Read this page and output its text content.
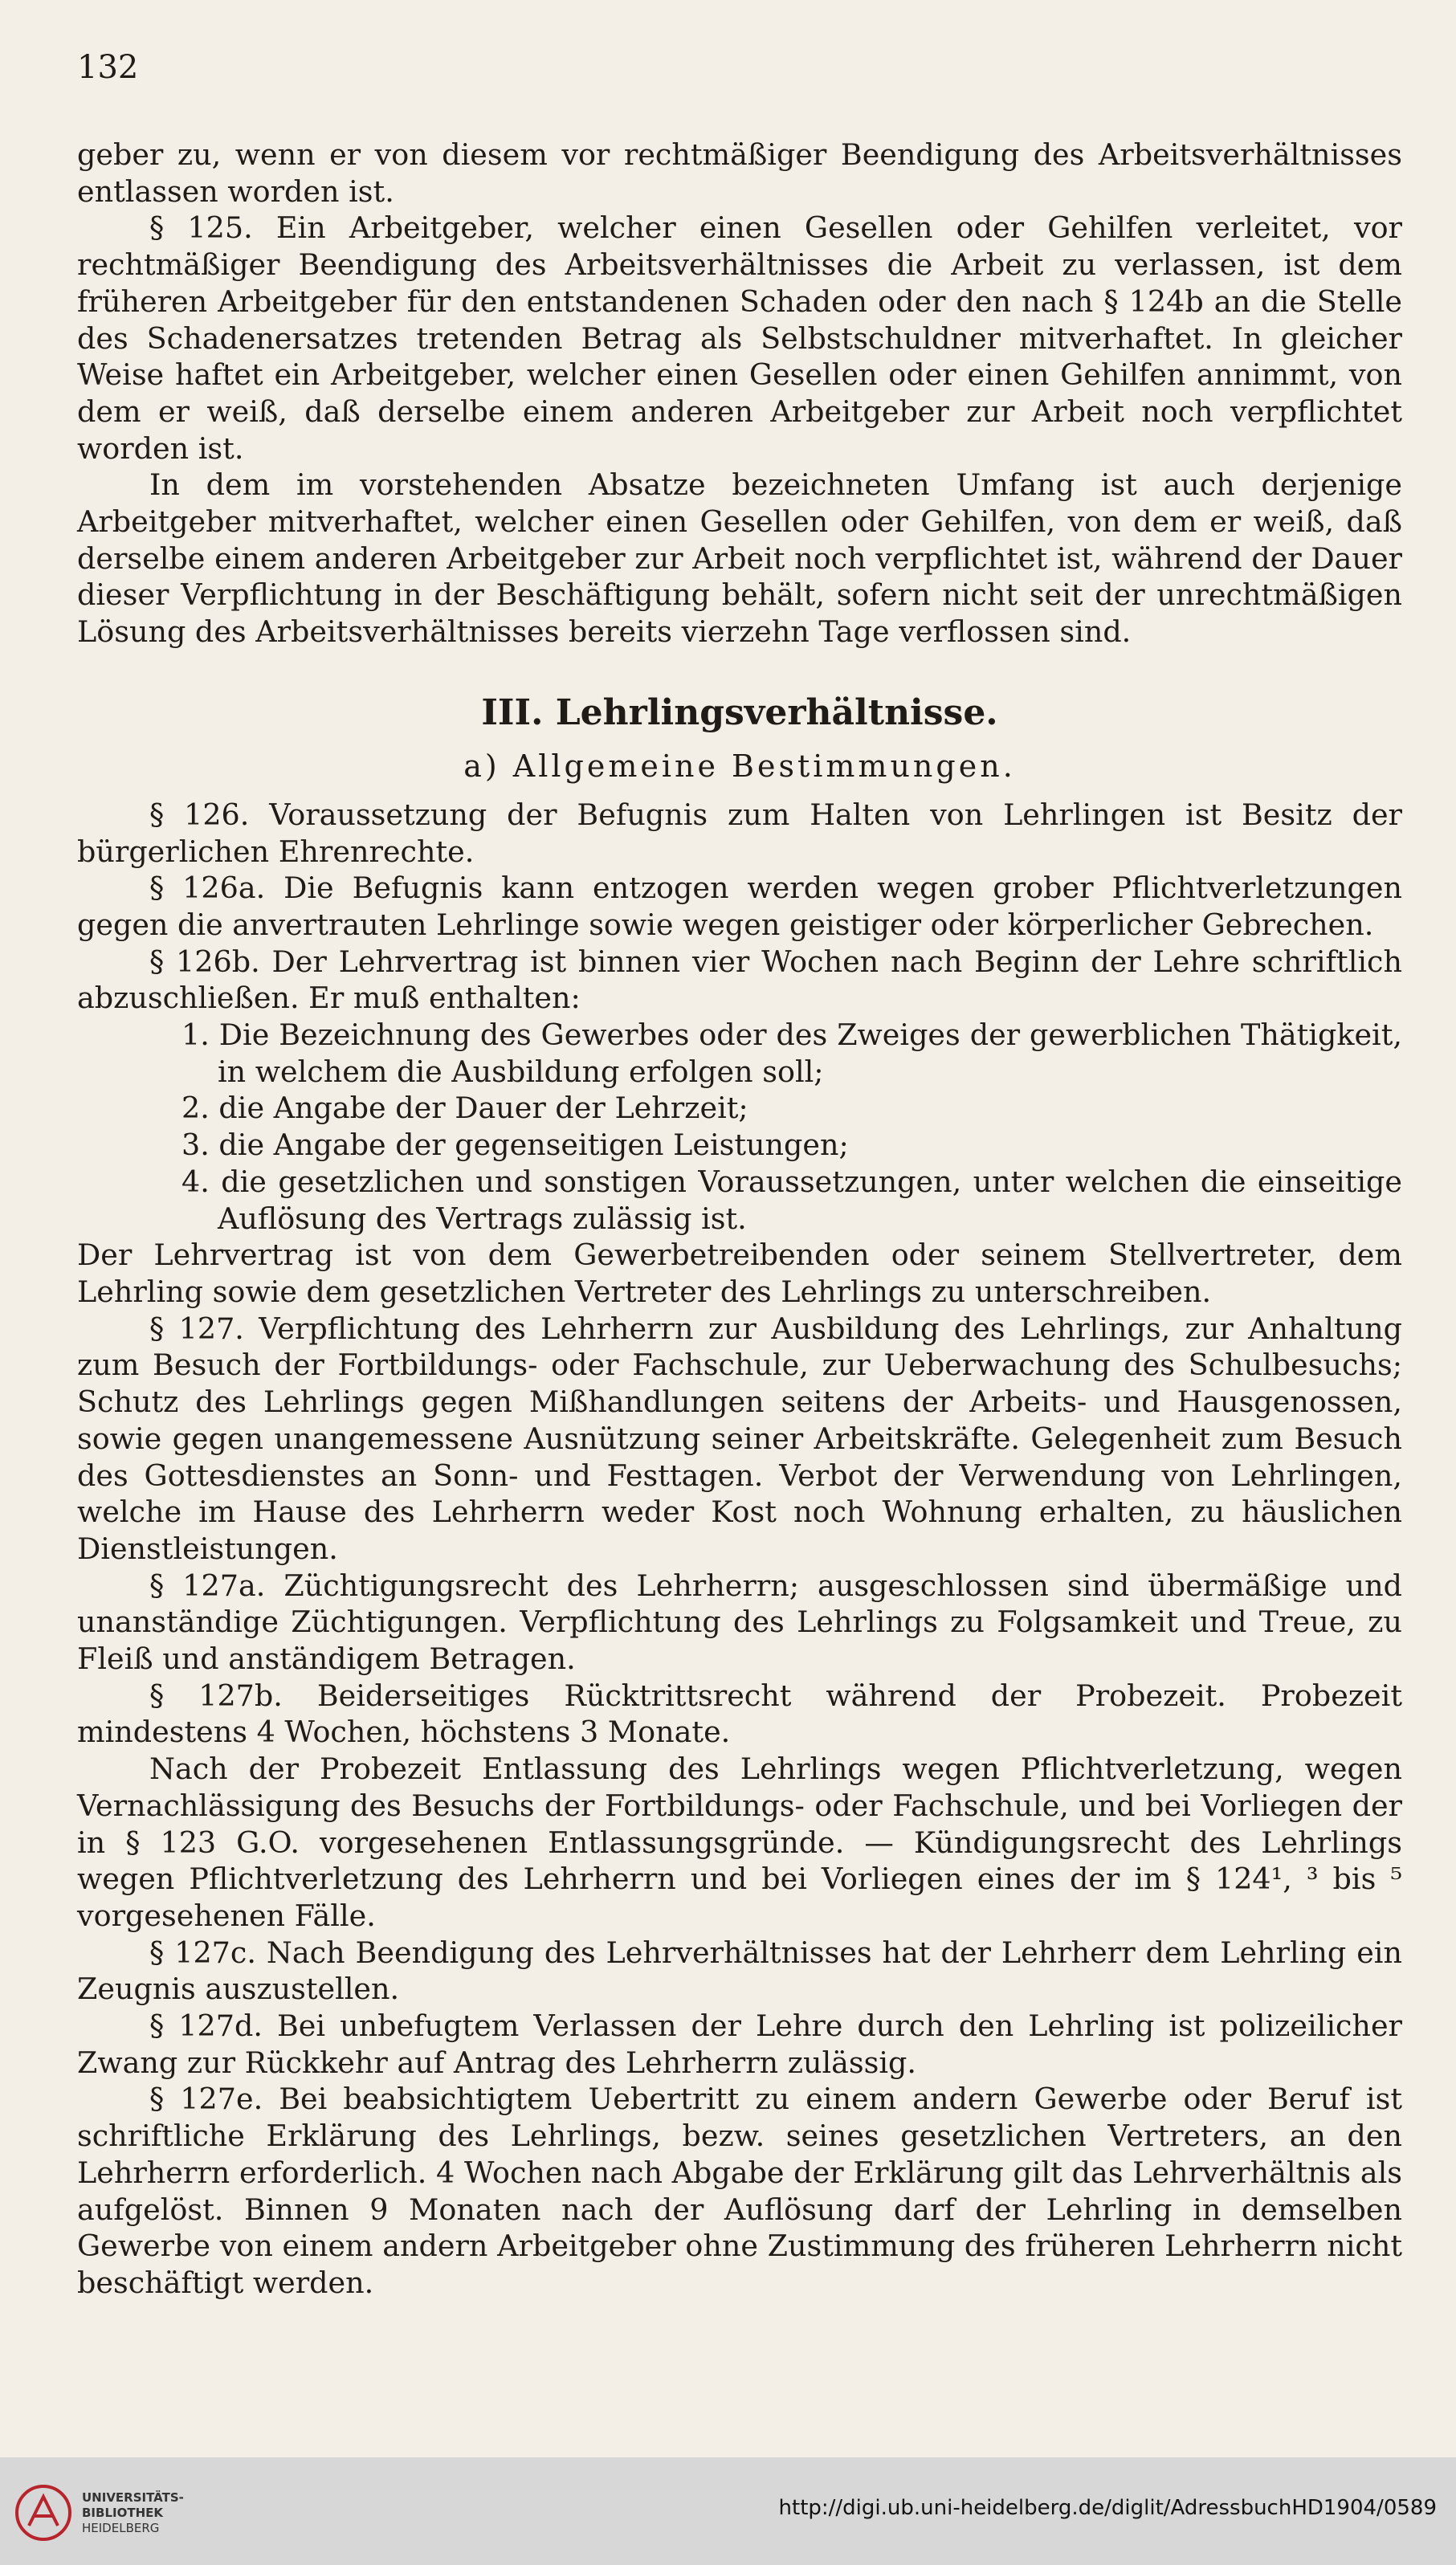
132

geber zu, wenn er von diesem vor rechtmäßiger Beendigung des Arbeitsverhältnisses entlassen worden ist.

§ 125. Ein Arbeitgeber, welcher einen Gesellen oder Gehilfen verleitet, vor rechtmäßiger Beendigung des Arbeitsverhältnisses die Arbeit zu verlassen, ist dem früheren Arbeitgeber für den entstandenen Schaden oder den nach § 124b an die Stelle des Schadenersatzes tretenden Betrag als Selbstschuldner mitverhaftet. In gleicher Weise haftet ein Arbeitgeber, welcher einen Gesellen oder einen Gehilfen annimmt, von dem er weiß, daß derselbe einem anderen Arbeitgeber zur Arbeit noch verpflichtet worden ist.

In dem im vorstehenden Absatze bezeichneten Umfang ist auch derjenige Arbeitgeber mitverhaftet, welcher einen Gesellen oder Gehilfen, von dem er weiß, daß derselbe einem anderen Arbeitgeber zur Arbeit noch verpflichtet ist, während der Dauer dieser Verpflichtung in der Beschäftigung behält, sofern nicht seit der unrechtmäßigen Lösung des Arbeitsverhältnisses bereits vierzehn Tage verflossen sind.

III. Lehrlingsverhältnisse.
a) Allgemeine Bestimmungen.

§ 126. Voraussetzung der Befugnis zum Halten von Lehrlingen ist Besitz der bürgerlichen Ehrenrechte.

§ 126a. Die Befugnis kann entzogen werden wegen grober Pflichtverletzungen gegen die anvertrauten Lehrlinge sowie wegen geistiger oder körperlicher Gebrechen.

§ 126b. Der Lehrvertrag ist binnen vier Wochen nach Beginn der Lehre schriftlich abzuschließen. Er muß enthalten:

1. Die Bezeichnung des Gewerbes oder des Zweiges der gewerblichen Thätigkeit, in welchem die Ausbildung erfolgen soll;
2. die Angabe der Dauer der Lehrzeit;
3. die Angabe der gegenseitigen Leistungen;
4. die gesetzlichen und sonstigen Voraussetzungen, unter welchen die einseitige Auflösung des Vertrags zulässig ist.

Der Lehrvertrag ist von dem Gewerbetreibenden oder seinem Stellvertreter, dem Lehrling sowie dem gesetzlichen Vertreter des Lehrlings zu unterschreiben.

§ 127. Verpflichtung des Lehrherrn zur Ausbildung des Lehrlings, zur Anhaltung zum Besuch der Fortbildungs- oder Fachschule, zur Ueberwachung des Schulbesuchs; Schutz des Lehrlings gegen Mißhandlungen seitens der Arbeits- und Hausgenossen, sowie gegen unangemessene Ausnützung seiner Arbeitskräfte. Gelegenheit zum Besuch des Gottesdienstes an Sonn- und Festtagen. Verbot der Verwendung von Lehrlingen, welche im Hause des Lehrherrn weder Kost noch Wohnung erhalten, zu häuslichen Dienstleistungen.

§ 127a. Züchtigungsrecht des Lehrherrn; ausgeschlossen sind übermäßige und unanständige Züchtigungen. Verpflichtung des Lehrlings zu Folgsamkeit und Treue, zu Fleiß und anständigem Betragen.

§ 127b. Beiderseitiges Rücktrittsrecht während der Probezeit. Probezeit mindestens 4 Wochen, höchstens 3 Monate.

Nach der Probezeit Entlassung des Lehrlings wegen Pflichtverletzung, wegen Vernachlässigung des Besuchs der Fortbildungs- oder Fachschule, und bei Vorliegen der in § 123 G.O. vorgesehenen Entlassungsgründe. — Kündigungsrecht des Lehrlings wegen Pflichtverletzung des Lehrherrn und bei Vorliegen eines der im § 124¹, ³ bis ⁵ vorgesehenen Fälle.

§ 127c. Nach Beendigung des Lehrverhältnisses hat der Lehrherr dem Lehrling ein Zeugnis auszustellen.

§ 127d. Bei unbefugtem Verlassen der Lehre durch den Lehrling ist polizeilicher Zwang zur Rückkehr auf Antrag des Lehrherrn zulässig.

§ 127e. Bei beabsichtigtem Uebertritt zu einem andern Gewerbe oder Beruf ist schriftliche Erklärung des Lehrlings, bezw. seines gesetzlichen Vertreters, an den Lehrherrn erforderlich. 4 Wochen nach Abgabe der Erklärung gilt das Lehrverhältnis als aufgelöst. Binnen 9 Monaten nach der Auflösung darf der Lehrling in demselben Gewerbe von einem andern Arbeitgeber ohne Zustimmung des früheren Lehrherrn nicht beschäftigt werden.

UNIVERSITÄTS-
BIBLIOTHEK
HEIDELBERG
http://digi.ub.uni-heidelberg.de/diglit/AdressbuchHD1904/0589
